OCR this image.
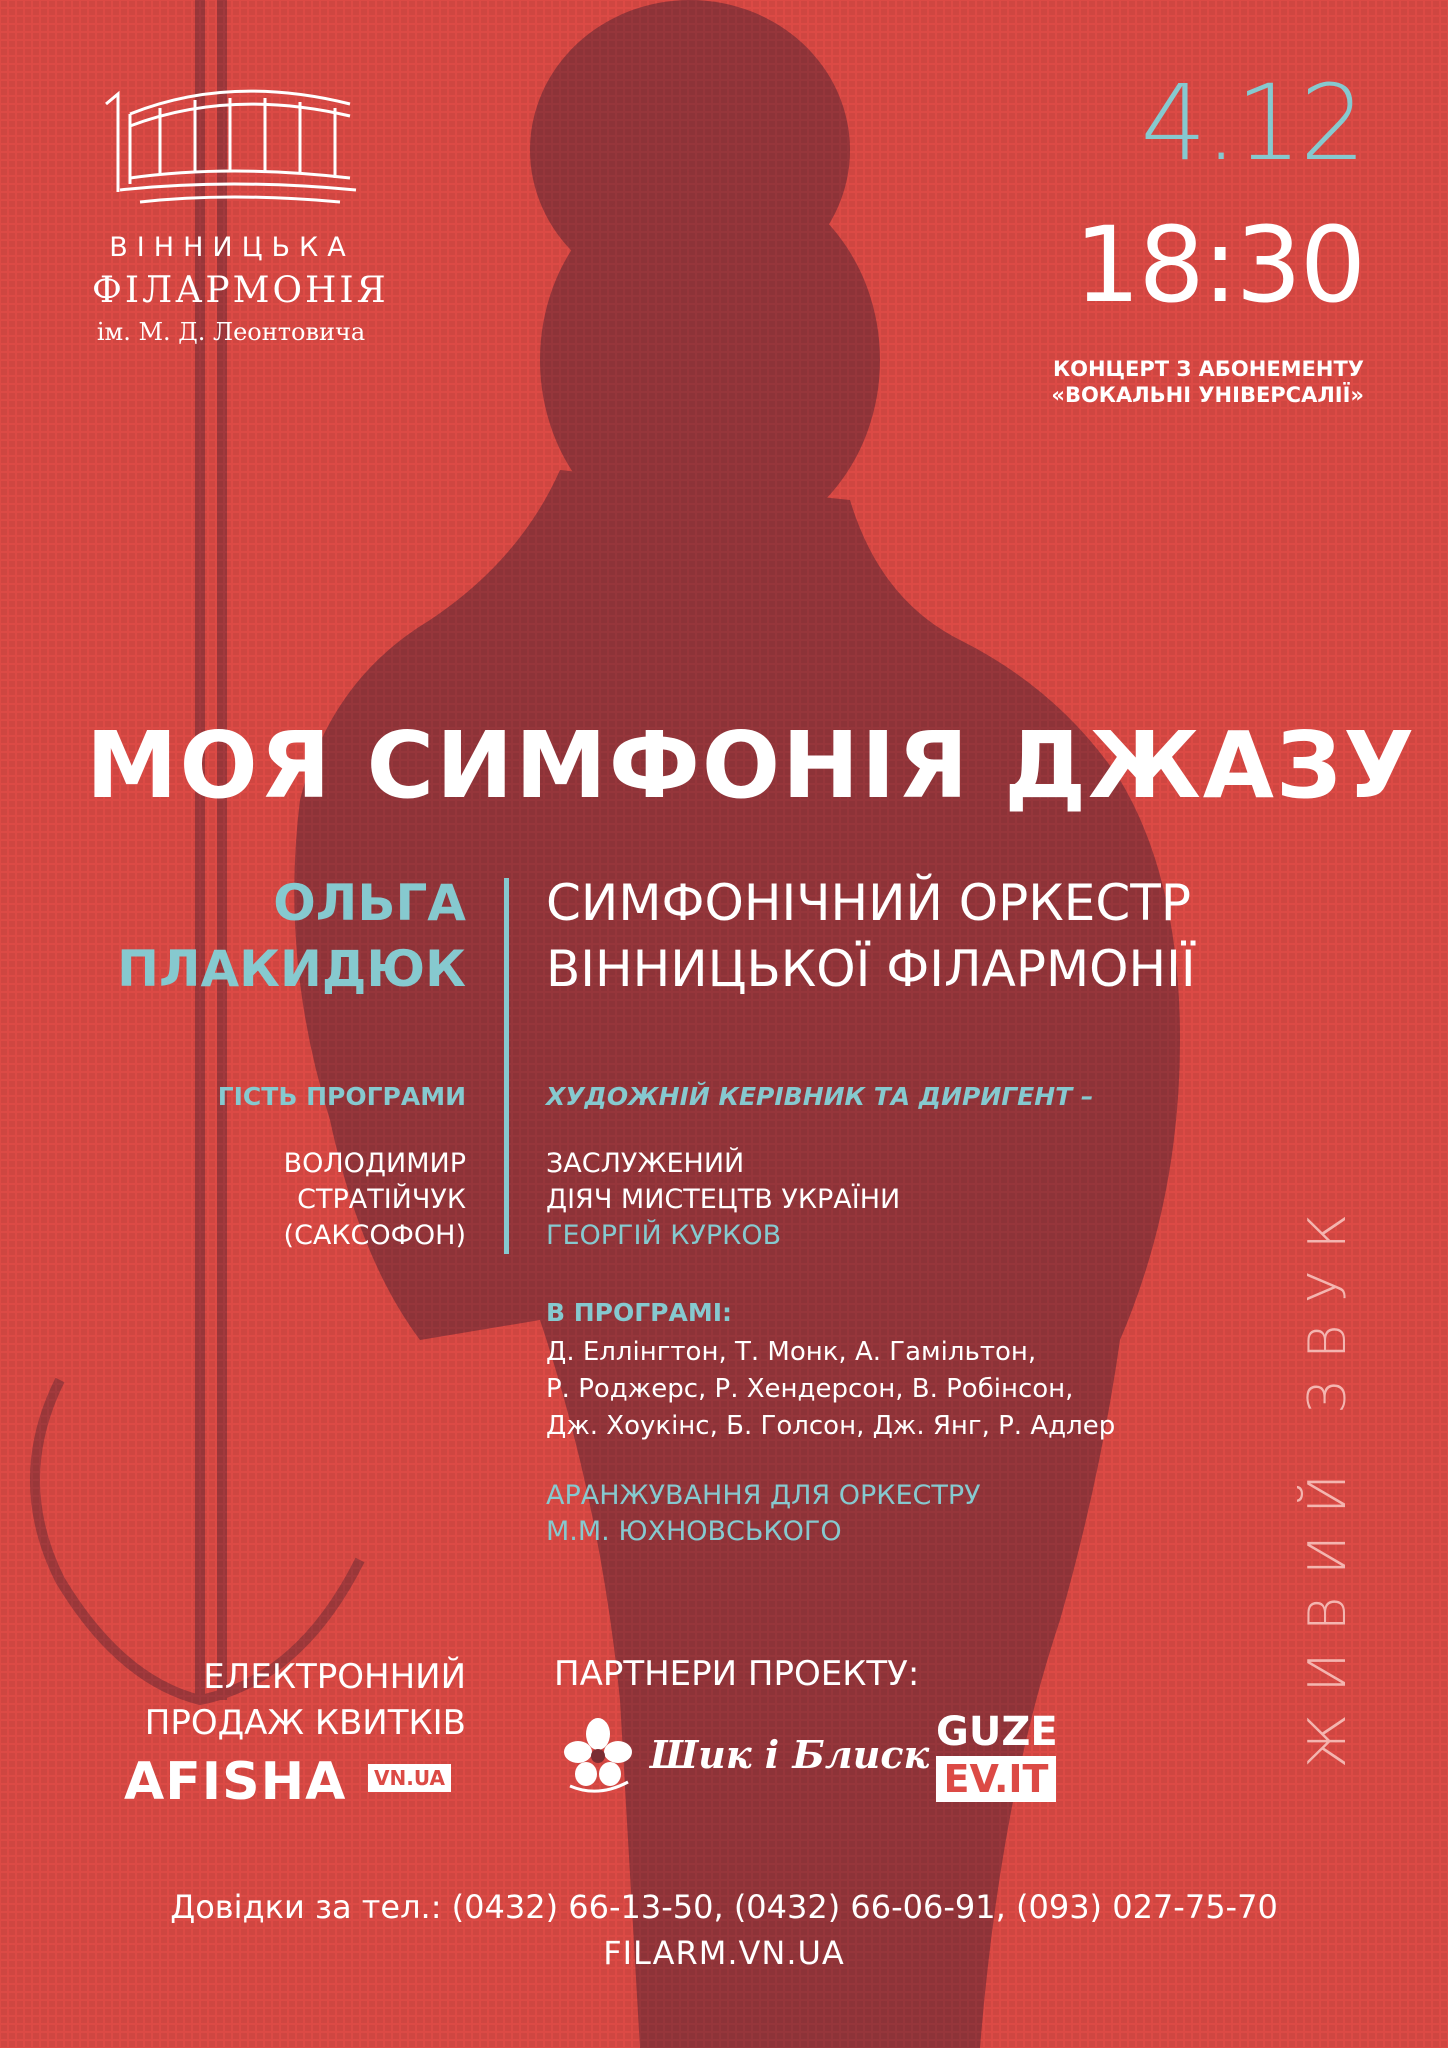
ВІННИЦЬКА
ФІЛАРМОНІЯ
ім. М. Д. Леонтовича
4.12
18:30
КОНЦЕРТ З АБОНЕМЕНТУ
«ВОКАЛЬНІ УНІВЕРСАЛІЇ»
МОЯ СИМФОНІЯ ДЖАЗУ
ОЛЬГА
ПЛАКИДЮК
СИМФОНІЧНИЙ ОРКЕСТР
ВІННИЦЬКОЇ ФІЛАРМОНІЇ
ГІСТЬ ПРОГРАМИ
ВОЛОДИМИР
СТРАТІЙЧУК
(САКСОФОН)
ХУДОЖНІЙ КЕРІВНИК ТА ДИРИГЕНТ –
ЗАСЛУЖЕНИЙ
ДІЯЧ МИСТЕЦТВ УКРАЇНИ
ГЕОРГІЙ КУРКОВ
В ПРОГРАМІ:
Д. Еллінгтон, Т. Монк, А. Гамільтон,
Р. Роджерс, Р. Хендерсон, В. Робінсон,
Дж. Хоукінс, Б. Голсон, Дж. Янг, Р. Адлер
АРАНЖУВАННЯ ДЛЯ ОРКЕСТРУ
М.М. ЮХНОВСЬКОГО	ЖИВИЙ ЗВУК
ЕЛЕКТРОННИЙ
ПРОДАЖ КВИТКІВ
AFISHA	VN.UA
ПАРТНЕРИ ПРОЕКТУ:
Шик і Блиск GUZE
EV.IT
Довідки за тел.: (0432) 66-13-50, (0432) 66-06-91, (093) 027-75-70
FILARM.VN.UA
